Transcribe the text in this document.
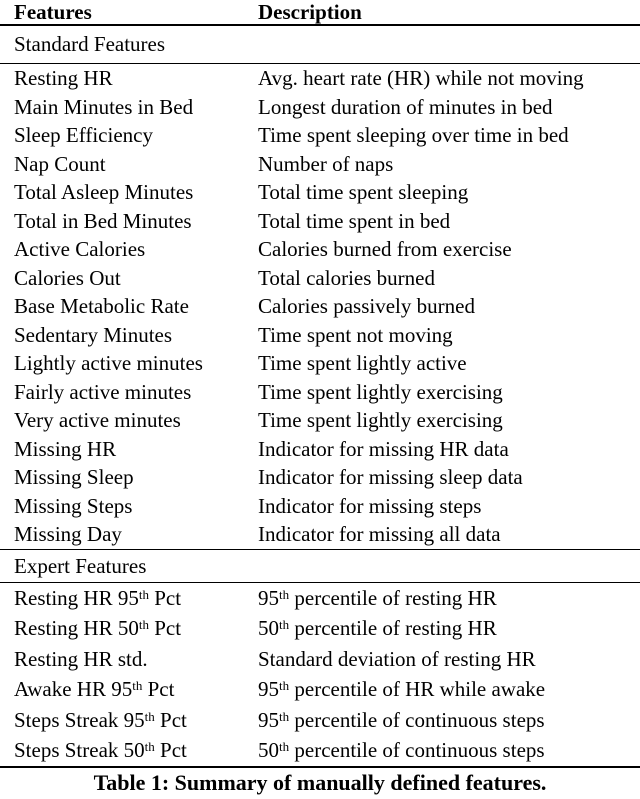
Features	Description
Standard Features
Resting HR	Avg. heart rate (HR) while not moving
Main Minutes in Bed	Longest duration of minutes in bed
Sleep Efficiency	Time spent sleeping over time in bed
Nap Count	Number of naps
Total Asleep Minutes	Total time spent sleeping
Total in Bed Minutes	Total time spent in bed
Active Calories	Calories burned from exercise
Calories Out	Total calories burned
Base Metabolic Rate	Calories passively burned
Sedentary Minutes	Time spent not moving
Lightly active minutes	Time spent lightly active
Fairly active minutes	Time spent lightly exercising
Very active minutes	Time spent lightly exercising
Missing HR	Indicator for missing HR data
Missing Sleep	Indicator for missing sleep data
Missing Steps	Indicator for missing steps
Missing Day	Indicator for missing all data
Expert Features
Resting HR 95th Pct	95th percentile of resting HR
Resting HR 50th Pct	50th percentile of resting HR
Resting HR std.	Standard deviation of resting HR
Awake HR 95th Pct	95th percentile of HR while awake
Steps Streak 95th Pct	95th percentile of continuous steps
Steps Streak 50th Pct	50th percentile of continuous steps
Table 1: Summary of manually defined features.
